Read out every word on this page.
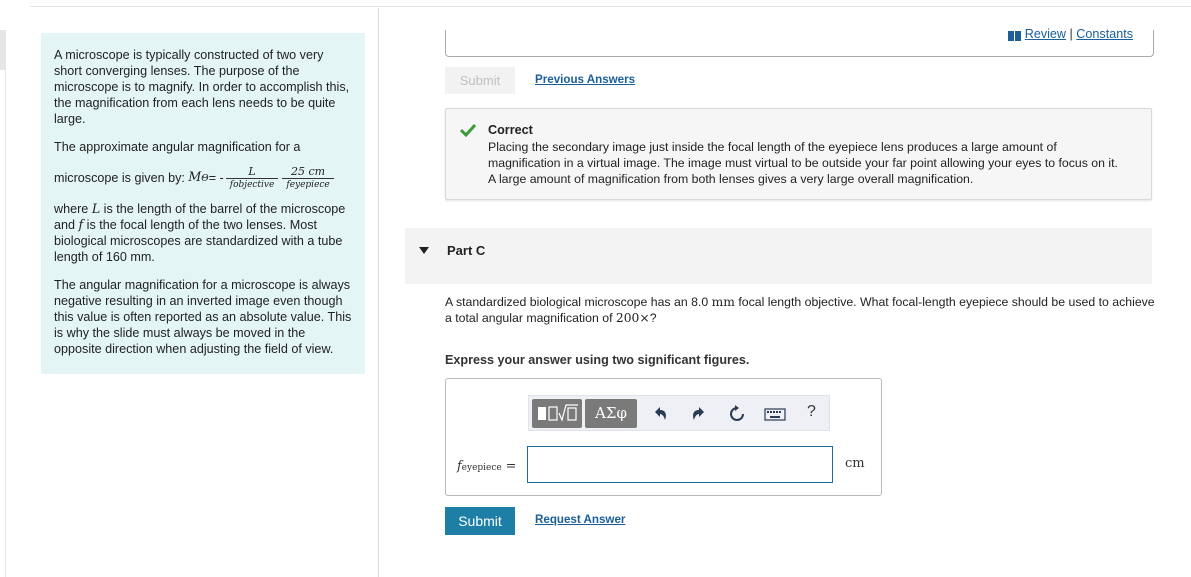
A microscope is typically constructed of two very short converging lenses. The purpose of the microscope is to magnify. In order to accomplish this, the magnification from each lens needs to be quite large.

The approximate angular magnification for a

microscope is given by:
MΘ = - $\frac{L}{\text{fobjective}} \frac{25 cm}{\text{feyepiece}}$

where L is the length of the barrel of the microscope and f is the focal length of the two lenses. Most biological microscopes are standardized with a tube length of 160 mm.

The angular magnification for a microscope is always negative resulting in an inverted image even though this value is often reported as an absolute value. This is why the slide must always be moved in the opposite direction when adjusting the field of view.

Review | Constants
Submit	Previous Answers
Correct
Placing the secondary image just inside the focal length of the eyepiece lens produces a large amount of magnification in a virtual image. The image must virtual to be outside your far point allowing your eyes to focus on it. A large amount of magnification from both lenses gives a very large overall magnification.
Part C
A standardized biological microscope has an 8.0 mm focal length objective. What focal-length eyepiece should be used to achieve a total angular magnification of 200×?
Express your answer using two significant figures.
ΑΣφ	?
feyepiece =	cm
Submit	Request Answer
